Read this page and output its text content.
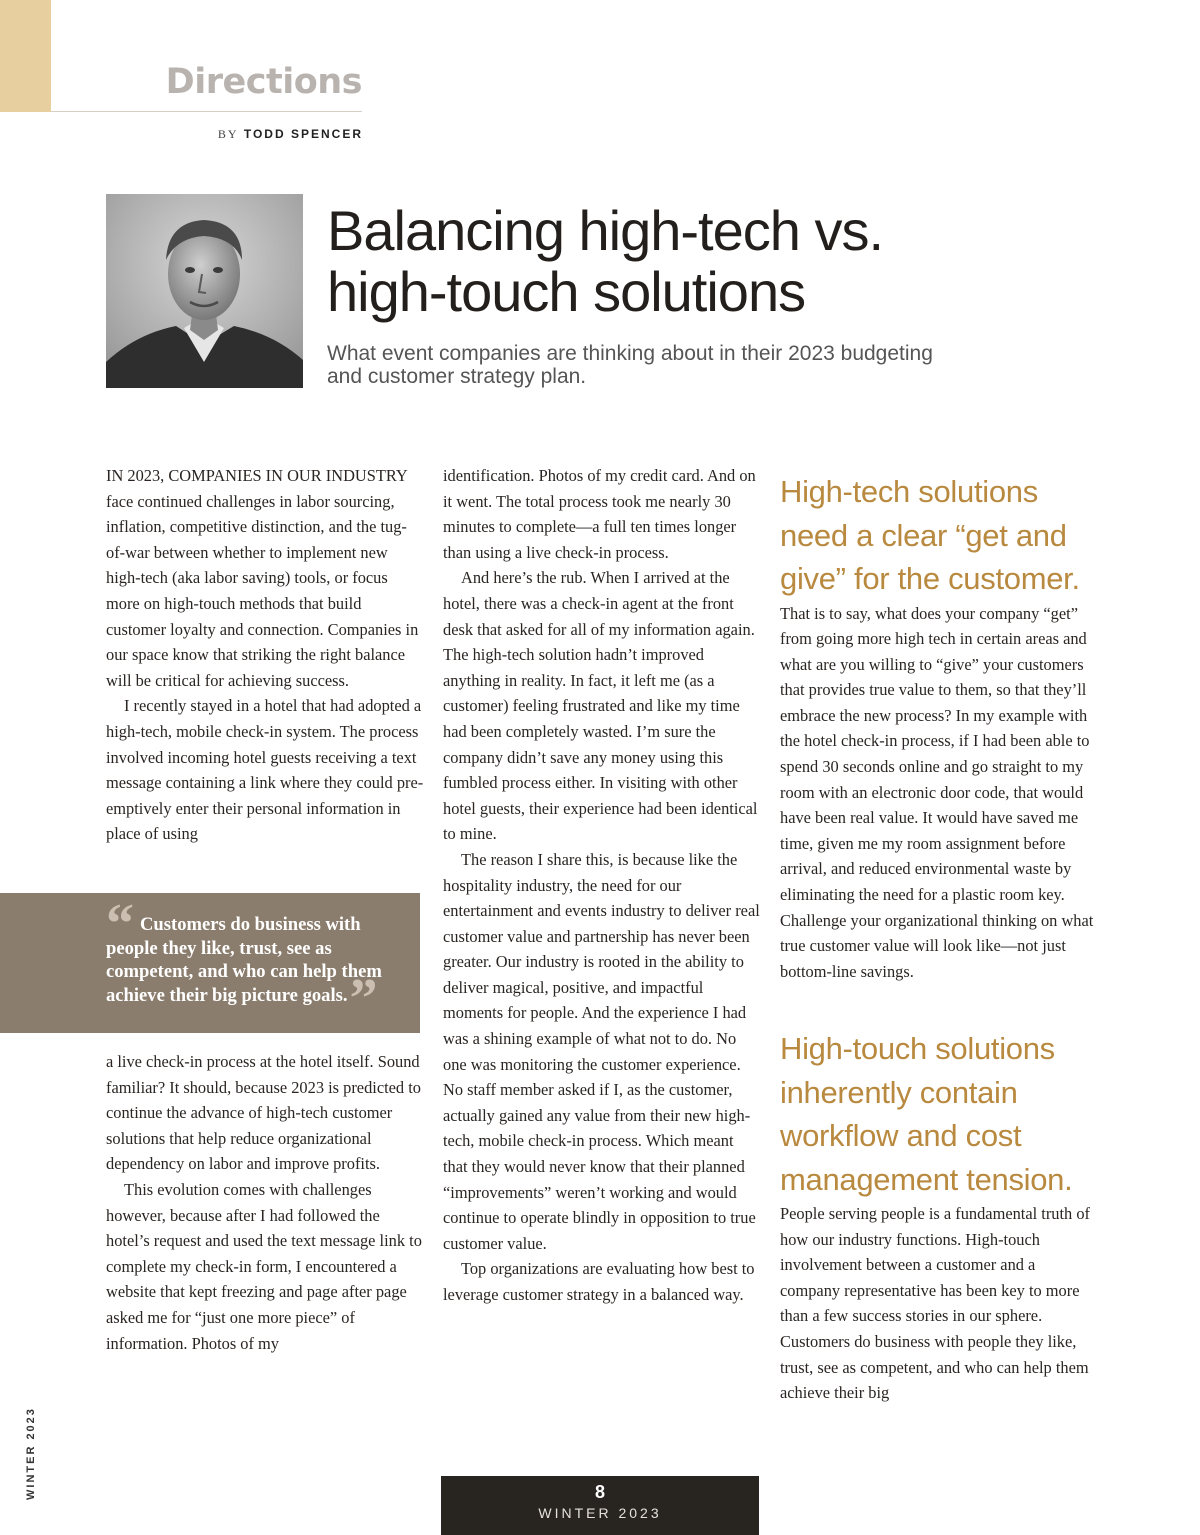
Directions
BY TODD SPENCER
Balancing high-tech vs.
high-touch solutions

What event companies are thinking about in their 2023 budgeting and customer strategy plan.

IN 2023, COMPANIES IN OUR INDUSTRY face continued challenges in labor sourcing, inflation, competitive distinction, and the tug-of-war between whether to implement new high-tech (aka labor saving) tools, or focus more on high-touch methods that build customer loyalty and connection. Companies in our space know that striking the right balance will be critical for achieving success.

I recently stayed in a hotel that had adopted a high-tech, mobile check-in system. The process involved incoming hotel guests receiving a text message containing a link where they could pre-emptively enter their personal information in place of using

“ Customers do business with people they like, trust, see as competent, and who can help them achieve their big picture goals.”

a live check-in process at the hotel itself. Sound familiar? It should, because 2023 is predicted to continue the advance of high-tech customer solutions that help reduce organizational dependency on labor and improve profits.

This evolution comes with challenges however, because after I had followed the hotel’s request and used the text message link to complete my check-in form, I encountered a website that kept freezing and page after page asked me for “just one more piece” of information. Photos of my

identification. Photos of my credit card. And on it went. The total process took me nearly 30 minutes to complete—a full ten times longer than using a live check-in process.

And here’s the rub. When I arrived at the hotel, there was a check-in agent at the front desk that asked for all of my information again. The high-tech solution hadn’t improved anything in reality. In fact, it left me (as a customer) feeling frustrated and like my time had been completely wasted. I’m sure the company didn’t save any money using this fumbled process either. In visiting with other hotel guests, their experience had been identical to mine.

The reason I share this, is because like the hospitality industry, the need for our entertainment and events industry to deliver real customer value and partnership has never been greater. Our industry is rooted in the ability to deliver magical, positive, and impactful moments for people. And the experience I had was a shining example of what not to do. No one was monitoring the customer experience. No staff member asked if I, as the customer, actually gained any value from their new high-tech, mobile check-in process. Which meant that they would never know that their planned “improvements” weren’t working and would continue to operate blindly in opposition to true customer value.

Top organizations are evaluating how best to leverage customer strategy in a balanced way.

High-tech solutions need a clear “get and give” for the customer.

That is to say, what does your company “get” from going more high tech in certain areas and what are you willing to “give” your customers that provides true value to them, so that they’ll embrace the new process? In my example with the hotel check-in process, if I had been able to spend 30 seconds online and go straight to my room with an electronic door code, that would have been real value. It would have saved me time, given me my room assignment before arrival, and reduced environmental waste by eliminating the need for a plastic room key. Challenge your organizational thinking on what true customer value will look like—not just bottom-line savings.

High-touch solutions inherently contain workflow and cost management tension.

People serving people is a fundamental truth of how our industry functions. High-touch involvement between a customer and a company representative has been key to more than a few success stories in our sphere. Customers do business with people they like, trust, see as competent, and who can help them achieve their big

WINTER 2023	8
WINTER 2023
